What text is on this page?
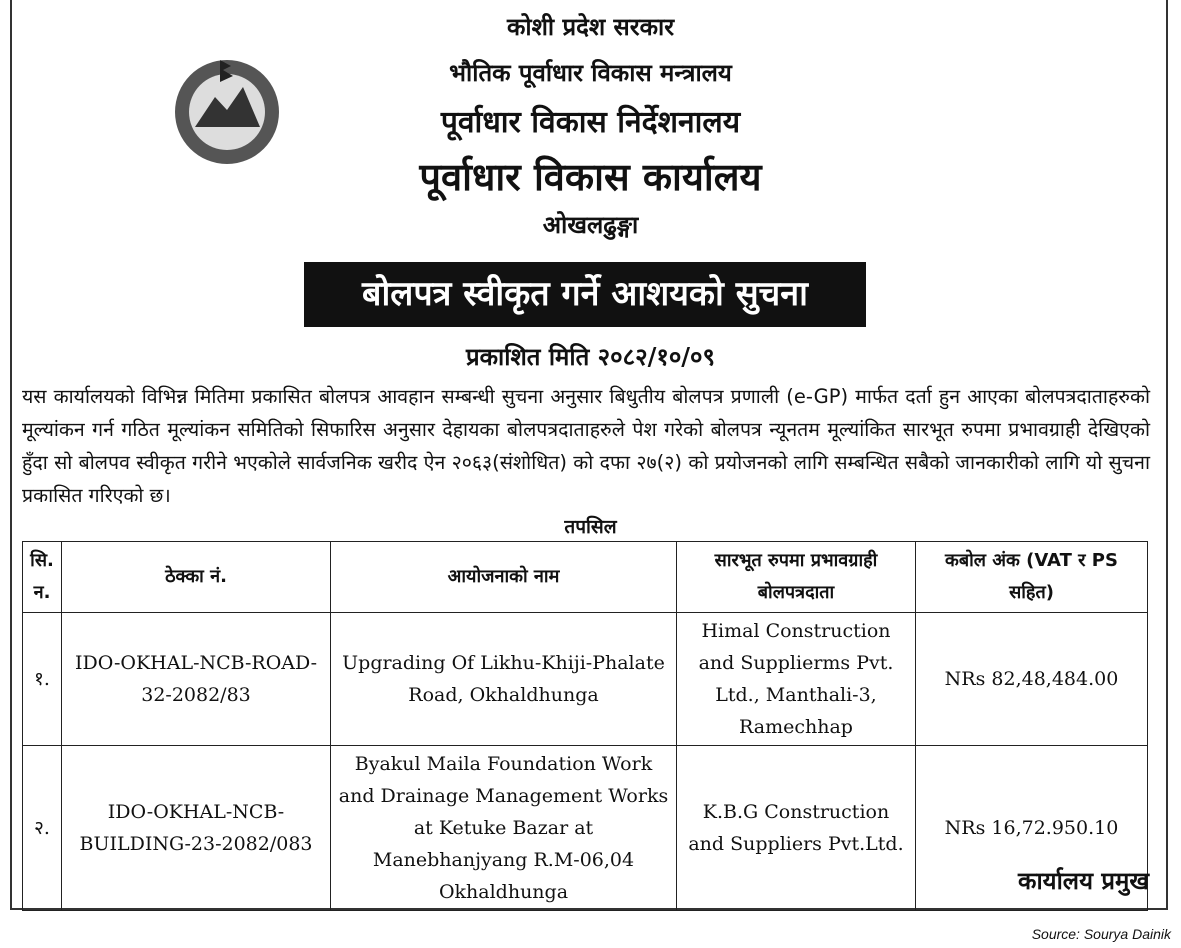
कोशी प्रदेश सरकार
भौतिक पूर्वाधार विकास मन्त्रालय
पूर्वाधार विकास निर्देशनालय
पूर्वाधार विकास कार्यालय
ओखलढुङ्गा
बोलपत्र स्वीकृत गर्ने आशयको सुचना
प्रकाशित मिति २०८२/१०/०९
यस कार्यालयको विभिन्न मितिमा प्रकासित बोलपत्र आवहान सम्बन्धी सुचना अनुसार बिधुतीय बोलपत्र प्रणाली (e-GP) मार्फत दर्ता हुन आएका बोलपत्रदाताहरुको मूल्यांकन गर्न गठित मूल्यांकन समितिको सिफारिस अनुसार देहायका बोलपत्रदाताहरुले पेश गरेको बोलपत्र न्यूनतम मूल्यांकित सारभूत रुपमा प्रभावग्राही देखिएको हुँदा सो बोलपव स्वीकृत गरीने भएकोले सार्वजनिक खरीद ऐन २०६३(संशोधित) को दफा २७(२) को प्रयोजनको लागि सम्बन्धित सबैको जानकारीको लागि यो सुचना प्रकासित गरिएको छ।
तपसिल
सि. न.	ठेक्का नं.	आयोजनाको नाम	सारभूत रुपमा प्रभावग्राही बोलपत्रदाता	कबोल अंक (VAT र PS सहित)
१.	IDO-OKHAL-NCB-ROAD-32-2082/83	Upgrading Of Likhu-Khiji-Phalate Road, Okhaldhunga	Himal Construction and Supplierms Pvt. Ltd., Manthali-3, Ramechhap	NRs 82,48,484.00
२.	IDO-OKHAL-NCB-BUILDING-23-2082/083	Byakul Maila Foundation Work and Drainage Management Works at Ketuke Bazar at Manebhanjyang R.M-06,04 Okhaldhunga	K.B.G Construction and Suppliers Pvt.Ltd.	NRs 16,72.950.10
कार्यालय प्रमुख
Source: Sourya Dainik
